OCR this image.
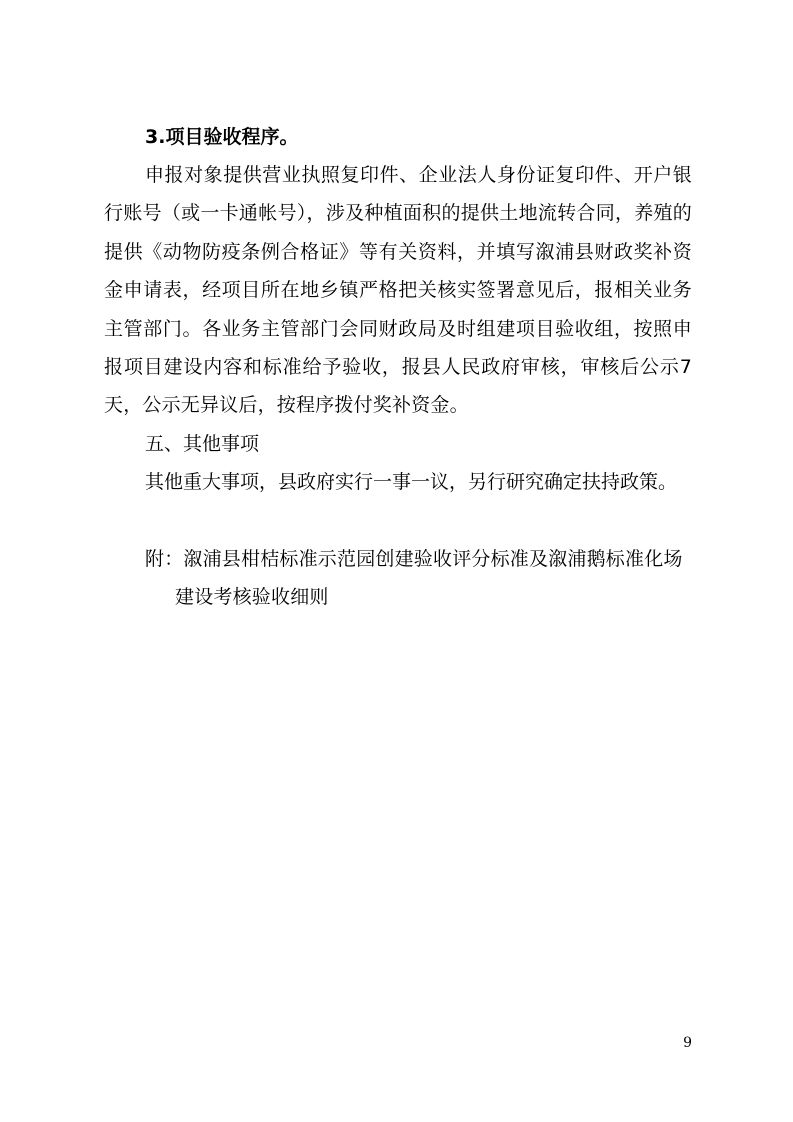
3.项目验收程序。

申报对象提供营业执照复印件、企业法人身份证复印件、开户银行账号（或一卡通帐号），涉及种植面积的提供土地流转合同，养殖的提供《动物防疫条例合格证》等有关资料，并填写溆浦县财政奖补资金申请表，经项目所在地乡镇严格把关核实签署意见后，报相关业务主管部门。各业务主管部门会同财政局及时组建项目验收组，按照申报项目建设内容和标准给予验收，报县人民政府审核，审核后公示7天，公示无异议后，按程序拨付奖补资金。

五、其他事项

其他重大事项，县政府实行一事一议，另行研究确定扶持政策。

附：溆浦县柑桔标准示范园创建验收评分标准及溆浦鹅标准化场建设考核验收细则

9
